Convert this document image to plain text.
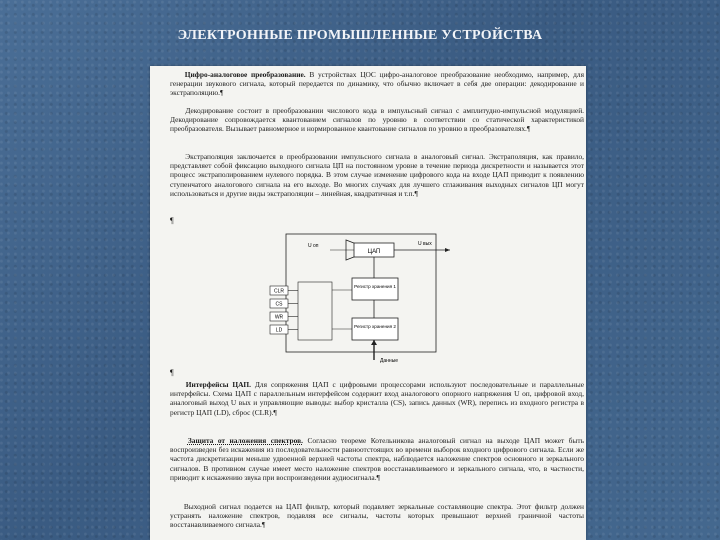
ЭЛЕКТРОННЫЕ ПРОМЫШЛЕННЫЕ УСТРОЙСТВА
Цифро-аналоговое преобразование. В устройствах ЦОС цифро-аналоговое преобразование необходимо, например, для генерации звукового сигнала, который передается по динамику, что обычно включает в себя две операции: декодирование и экстраполяцию.¶
Декодирование состоит в преобразовании числового кода в импульсный сигнал с амплитудно-импульсной модуляцией. Декодирование сопровождается квантованием сигналов по уровню в соответствии со статической характеристикой преобразователя. Вызывает равномерное и нормированное квантование сигналов по уровню в преобразователях.¶
Экстраполяция заключается в преобразовании импульсного сигнала в аналоговый сигнал. Экстраполяция, как правило, представляет собой фиксацию выходного сигнала ЦП на постоянном уровне в течение периода дискретности и называется этот процесс экстраполированием нулевого порядка. В этом случае изменение цифрового кода на входе ЦАП приводит к появлению ступенчатого аналогового сигнала на его выходе. Во многих случаях для лучшего сглаживания выходных сигналов ЦП могут использоваться и другие виды экстраполяции – линейная, квадратичная и т.п.¶
¶
ЦАП
U вых
U оп
Регистр хранения 1
Регистр хранения 2
Данные
CLR
CS
WR
LD
¶
Интерфейсы ЦАП. Для сопряжения ЦАП с цифровыми процессорами используют последовательные и параллельные интерфейсы. Схема ЦАП с параллельным интерфейсом содержит вход аналогового опорного напряжения U оп, цифровой вход, аналоговый выход U вых и управляющие выводы: выбор кристалла (CS), запись данных (WR), перепись из входного регистра в регистр ЦАП (LD), сброс (CLR).¶
Защита от наложения спектров. Согласно теореме Котельникова аналоговый сигнал на выходе ЦАП может быть воспроизведен без искажения из последовательности равноотстоящих во времени выборок входного цифрового сигнала. Если же частота дискретизации меньше удвоенной верхней частоты спектра, наблюдается наложение спектров основного и зеркального сигналов. В противном случае имеет место наложение спектров восстанавливаемого и зеркального сигнала, что, в частности, приводит к искажению звука при воспроизведении аудиосигнала.¶
Выходной сигнал подается на ЦАП фильтр, который подавляет зеркальные составляющие спектра. Этот фильтр должен устранять наложение спектров, подавляя все сигналы, частоты которых превышают верхней граничной частоты восстанавливаемого сигнала.¶
